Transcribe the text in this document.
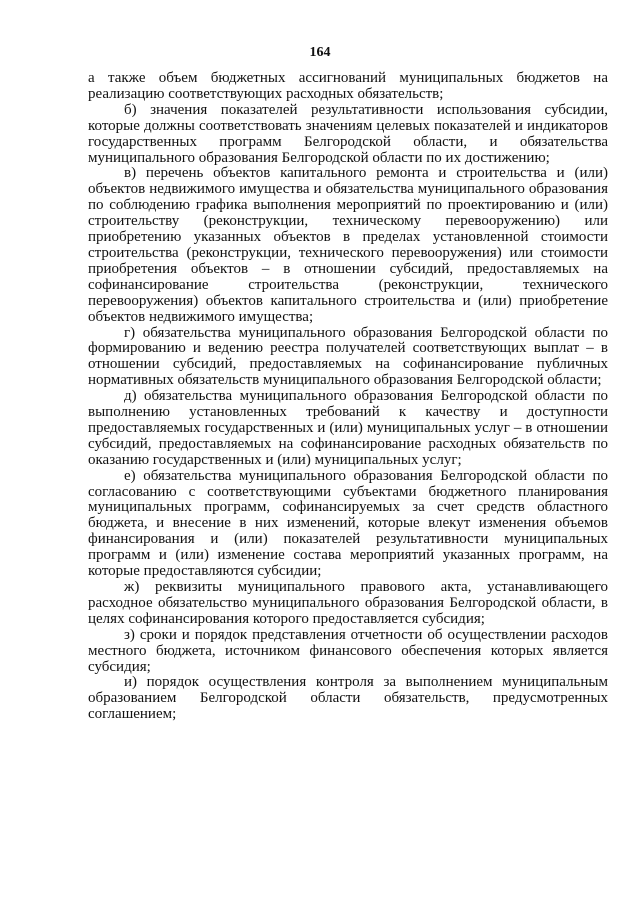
164

а также объем бюджетных ассигнований муниципальных бюджетов на реализацию соответствующих расходных обязательств;

б) значения показателей результативности использования субсидии, которые должны соответствовать значениям целевых показателей и индикаторов государственных программ Белгородской области, и обязательства муниципального образования Белгородской области по их достижению;

в) перечень объектов капитального ремонта и строительства и (или) объектов недвижимого имущества и обязательства муниципального образования по соблюдению графика выполнения мероприятий по проектированию и (или) строительству (реконструкции, техническому перевооружению) или приобретению указанных объектов в пределах установленной стоимости строительства (реконструкции, технического перевооружения) или стоимости приобретения объектов – в отношении субсидий, предоставляемых на софинансирование строительства (реконструкции, технического перевооружения) объектов капитального строительства и (или) приобретение объектов недвижимого имущества;

г) обязательства муниципального образования Белгородской области по формированию и ведению реестра получателей соответствующих выплат – в отношении субсидий, предоставляемых на софинансирование публичных нормативных обязательств муниципального образования Белгородской области;

д) обязательства муниципального образования Белгородской области по выполнению установленных требований к качеству и доступности предоставляемых государственных и (или) муниципальных услуг – в отношении субсидий, предоставляемых на софинансирование расходных обязательств по оказанию государственных и (или) муниципальных услуг;

е) обязательства муниципального образования Белгородской области по согласованию с соответствующими субъектами бюджетного планирования муниципальных программ, софинансируемых за счет средств областного бюджета, и внесение в них изменений, которые влекут изменения объемов финансирования и (или) показателей результативности муниципальных программ и (или) изменение состава мероприятий указанных программ, на которые предоставляются субсидии;

ж) реквизиты муниципального правового акта, устанавливающего расходное обязательство муниципального образования Белгородской области, в целях софинансирования которого предоставляется субсидия;

з) сроки и порядок представления отчетности об осуществлении расходов местного бюджета, источником финансового обеспечения которых является субсидия;

и) порядок осуществления контроля за выполнением муниципальным образованием Белгородской области обязательств, предусмотренных соглашением;
